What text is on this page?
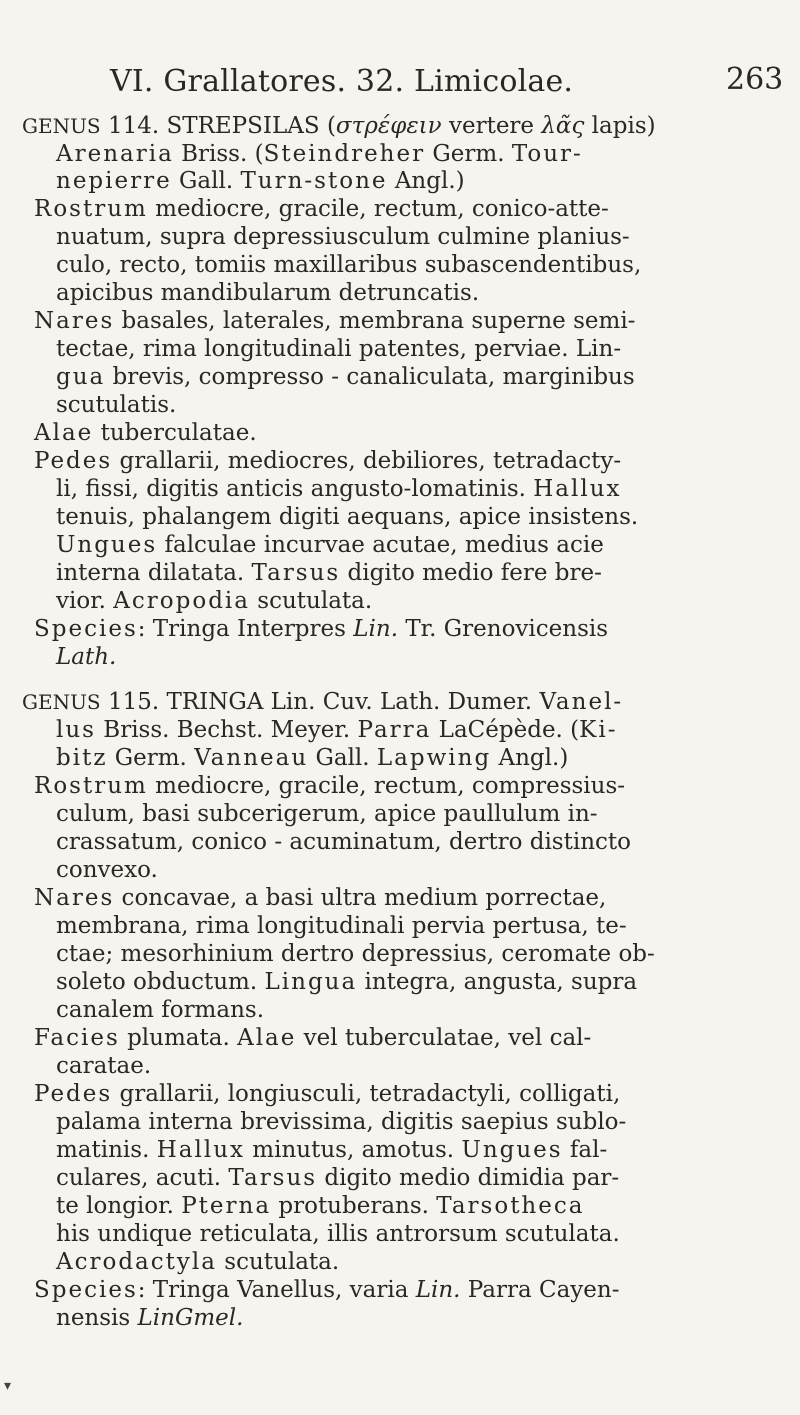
VI. Grallatores. 32. Limicolae.	263
GENUS 114. STREPSILAS (στρέφειν vertere λᾶς lapis)
Arenaria Briss. (Steindreher Germ. Tour-
nepierre Gall. Turn-stone Angl.)
Rostrum mediocre, gracile, rectum, conico-atte-
nuatum, supra depressiusculum culmine planius-
culo, recto, tomiis maxillaribus subascendentibus,
apicibus mandibularum detruncatis.
Nares basales, laterales, membrana superne semi-
tectae, rima longitudinali patentes, perviae. Lin-
gua brevis, compresso - canaliculata, marginibus
scutulatis.
Alae tuberculatae.
Pedes grallarii, mediocres, debiliores, tetradacty-
li, fissi, digitis anticis angusto-lomatinis. Hallux
tenuis, phalangem digiti aequans, apice insistens.
Ungues falculae incurvae acutae, medius acie
interna dilatata. Tarsus digito medio fere bre-
vior. Acropodia scutulata.
Species: Tringa Interpres Lin. Tr. Grenovicensis
Lath.
GENUS 115. TRINGA Lin. Cuv. Lath. Dumer. Vanel-
lus Briss. Bechst. Meyer. Parra LaCépède. (Ki-
bitz Germ. Vanneau Gall. Lapwing Angl.)
Rostrum mediocre, gracile, rectum, compressius-
culum, basi subcerigerum, apice paullulum in-
crassatum, conico - acuminatum, dertro distincto
convexo.
Nares concavae, a basi ultra medium porrectae,
membrana, rima longitudinali pervia pertusa, te-
ctae; mesorhinium dertro depressius, ceromate ob-
soleto obductum. Lingua integra, angusta, supra
canalem formans.
Facies plumata. Alae vel tuberculatae, vel cal-
caratae.
Pedes grallarii, longiusculi, tetradactyli, colligati,
palama interna brevissima, digitis saepius sublo-
matinis. Hallux minutus, amotus. Ungues fal-
culares, acuti. Tarsus digito medio dimidia par-
te longior. Pterna protuberans. Tarsotheca
his undique reticulata, illis antrorsum scutulata.
Acrodactyla scutulata.
Species: Tringa Vanellus, varia Lin. Parra Cayen-
nensis LinGmel.
▾
